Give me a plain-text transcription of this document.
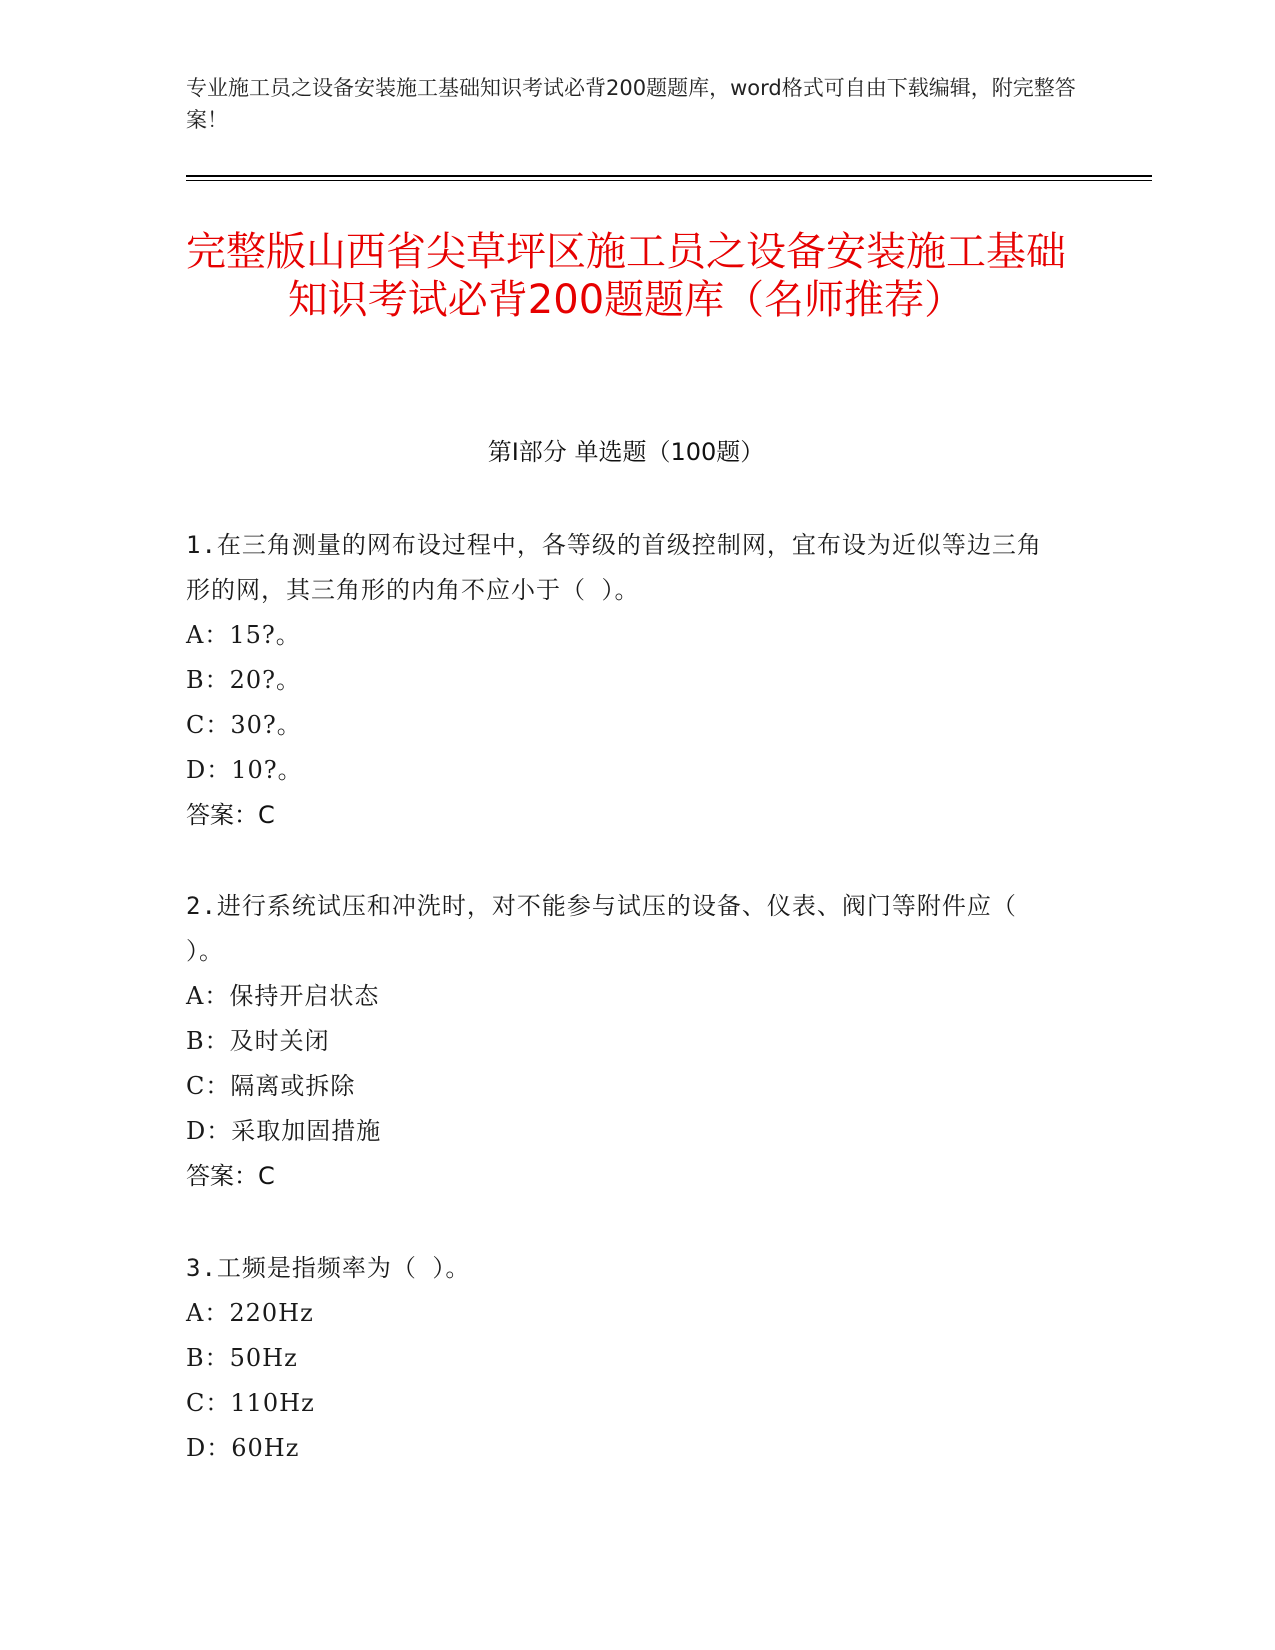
专业施工员之设备安装施工基础知识考试必背200题题库，word格式可自由下载编辑，附完整答案！
完整版山西省尖草坪区施工员之设备安装施工基础知识考试必背200题题库（名师推荐）
第Ⅰ部分 单选题（100题）

1.在三角测量的网布设过程中，各等级的首级控制网，宜布设为近似等边三角形的网，其三角形的内角不应小于（ ）。

A：15?。
B：20?。
C：30?。
D：10?。
答案：C

2.进行系统试压和冲洗时，对不能参与试压的设备、仪表、阀门等附件应（ ）。

A：保持开启状态
B：及时关闭
C：隔离或拆除
D：采取加固措施
答案：C

3.工频是指频率为（ ）。

A：220Hz
B：50Hz
C：110Hz
D：60Hz
